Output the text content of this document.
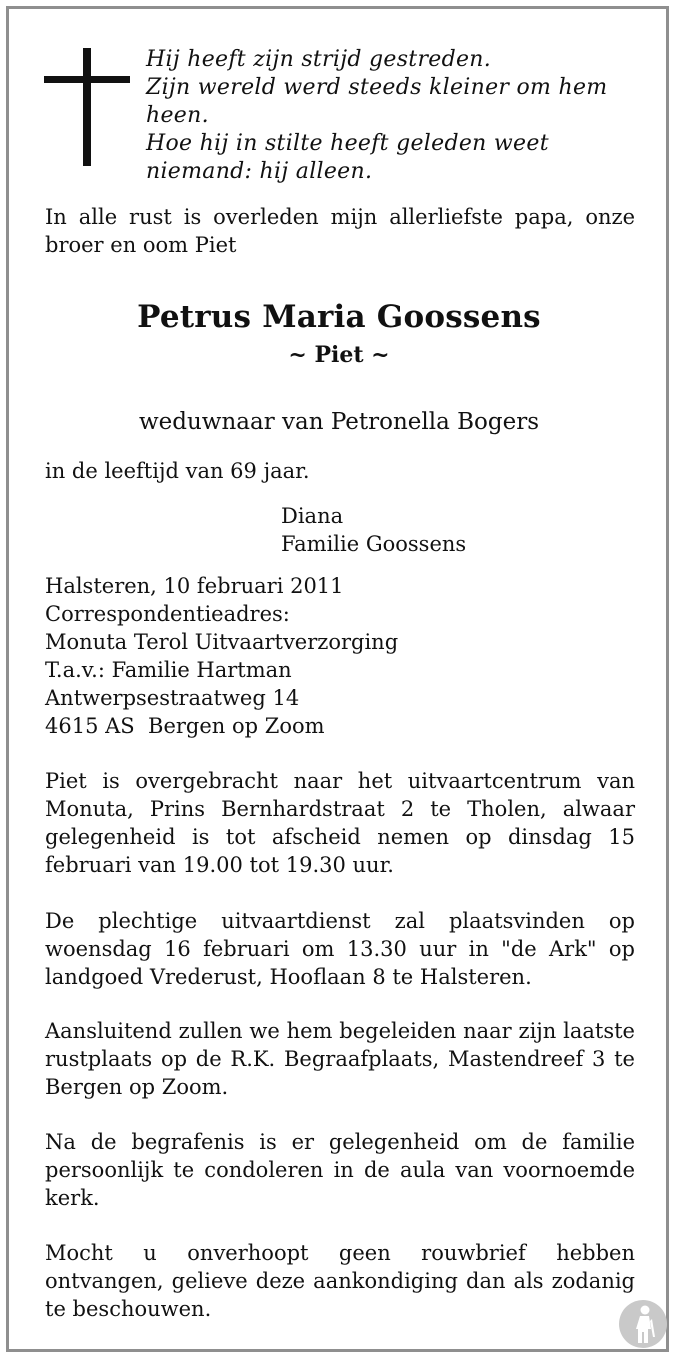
Hij heeft zijn strijd gestreden.
Zijn wereld werd steeds kleiner om hem
heen.
Hoe hij in stilte heeft geleden weet
niemand: hij alleen.
In alle rust is overleden mijn allerliefste papa, onze broer en oom Piet
Petrus Maria Goossens
~ Piet ~
weduwnaar van Petronella Bogers
in de leeftijd van 69 jaar.
Diana
Familie Goossens
Halsteren, 10 februari 2011
Correspondentieadres:
Monuta Terol Uitvaartverzorging
T.a.v.: Familie Hartman
Antwerpsestraatweg 14
4615 AS  Bergen op Zoom
Piet is overgebracht naar het uitvaartcentrum van Monuta, Prins Bernhardstraat 2 te Tholen, alwaar gelegenheid is tot afscheid nemen op dinsdag 15 februari van 19.00 tot 19.30 uur.
De plechtige uitvaartdienst zal plaatsvinden op woensdag 16 februari om 13.30 uur in "de Ark" op landgoed Vrederust, Hooflaan 8 te Halsteren.
Aansluitend zullen we hem begeleiden naar zijn laatste rustplaats op de R.K. Begraafplaats, Mastendreef 3 te Bergen op Zoom.
Na de begrafenis is er gelegenheid om de familie persoonlijk te condoleren in de aula van voornoemde kerk.
Mocht u onverhoopt geen rouwbrief hebben ontvangen, gelieve deze aankondiging dan als zodanig te beschouwen.
